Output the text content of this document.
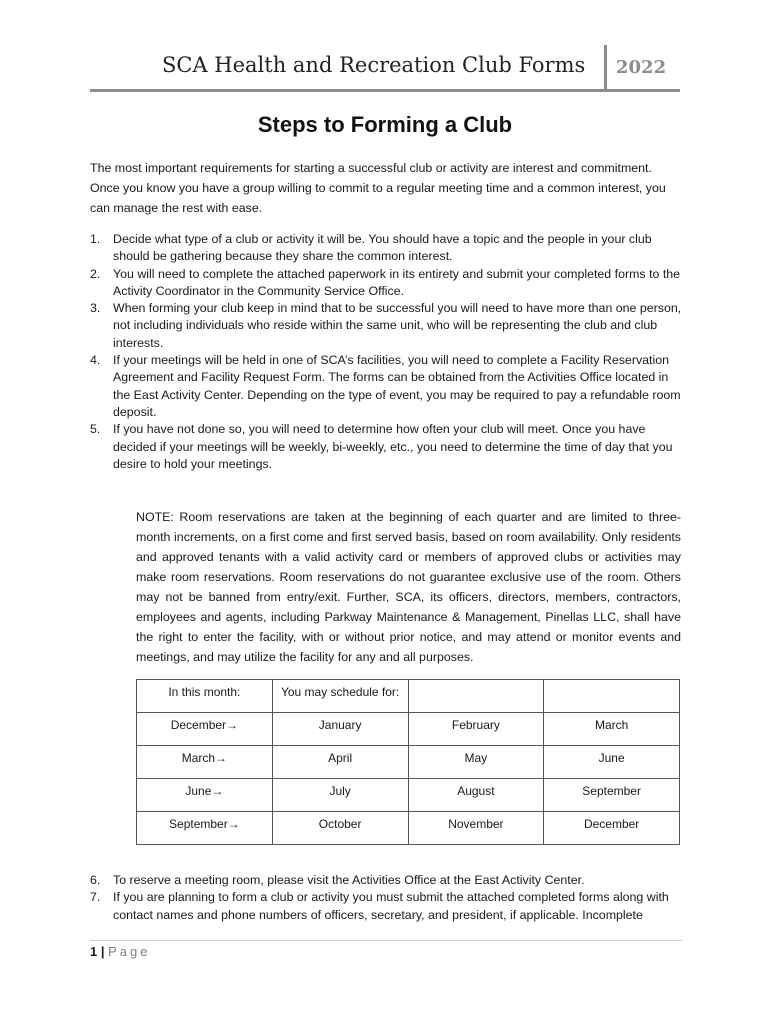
SCA Health and Recreation Club Forms 2022
Steps to Forming a Club

The most important requirements for starting a successful club or activity are interest and commitment. Once you know you have a group willing to commit to a regular meeting time and a common interest, you can manage the rest with ease.

1. Decide what type of a club or activity it will be. You should have a topic and the people in your club should be gathering because they share the common interest.
2. You will need to complete the attached paperwork in its entirety and submit your completed forms to the Activity Coordinator in the Community Service Office.
3. When forming your club keep in mind that to be successful you will need to have more than one person, not including individuals who reside within the same unit, who will be representing the club and club interests.
4. If your meetings will be held in one of SCA’s facilities, you will need to complete a Facility Reservation Agreement and Facility Request Form. The forms can be obtained from the Activities Office located in the East Activity Center. Depending on the type of event, you may be required to pay a refundable room deposit.
5. If you have not done so, you will need to determine how often your club will meet. Once you have decided if your meetings will be weekly, bi-weekly, etc., you need to determine the time of day that you desire to hold your meetings.

NOTE: Room reservations are taken at the beginning of each quarter and are limited to three-month increments, on a first come and first served basis, based on room availability. Only residents and approved tenants with a valid activity card or members of approved clubs or activities may make room reservations. Room reservations do not guarantee exclusive use of the room. Others may not be banned from entry/exit. Further, SCA, its officers, directors, members, contractors, employees and agents, including Parkway Maintenance & Management, Pinellas LLC, shall have the right to enter the facility, with or without prior notice, and may attend or monitor events and meetings, and may utilize the facility for any and all purposes.

In this month:	You may schedule for:		
December→	January	February	March
March→	April	May	June
June→	July	August	September
September→	October	November	December
6. To reserve a meeting room, please visit the Activities Office at the East Activity Center.
7. If you are planning to form a club or activity you must submit the attached completed forms along with contact names and phone numbers of officers, secretary, and president, if applicable. Incomplete
1 | Page
